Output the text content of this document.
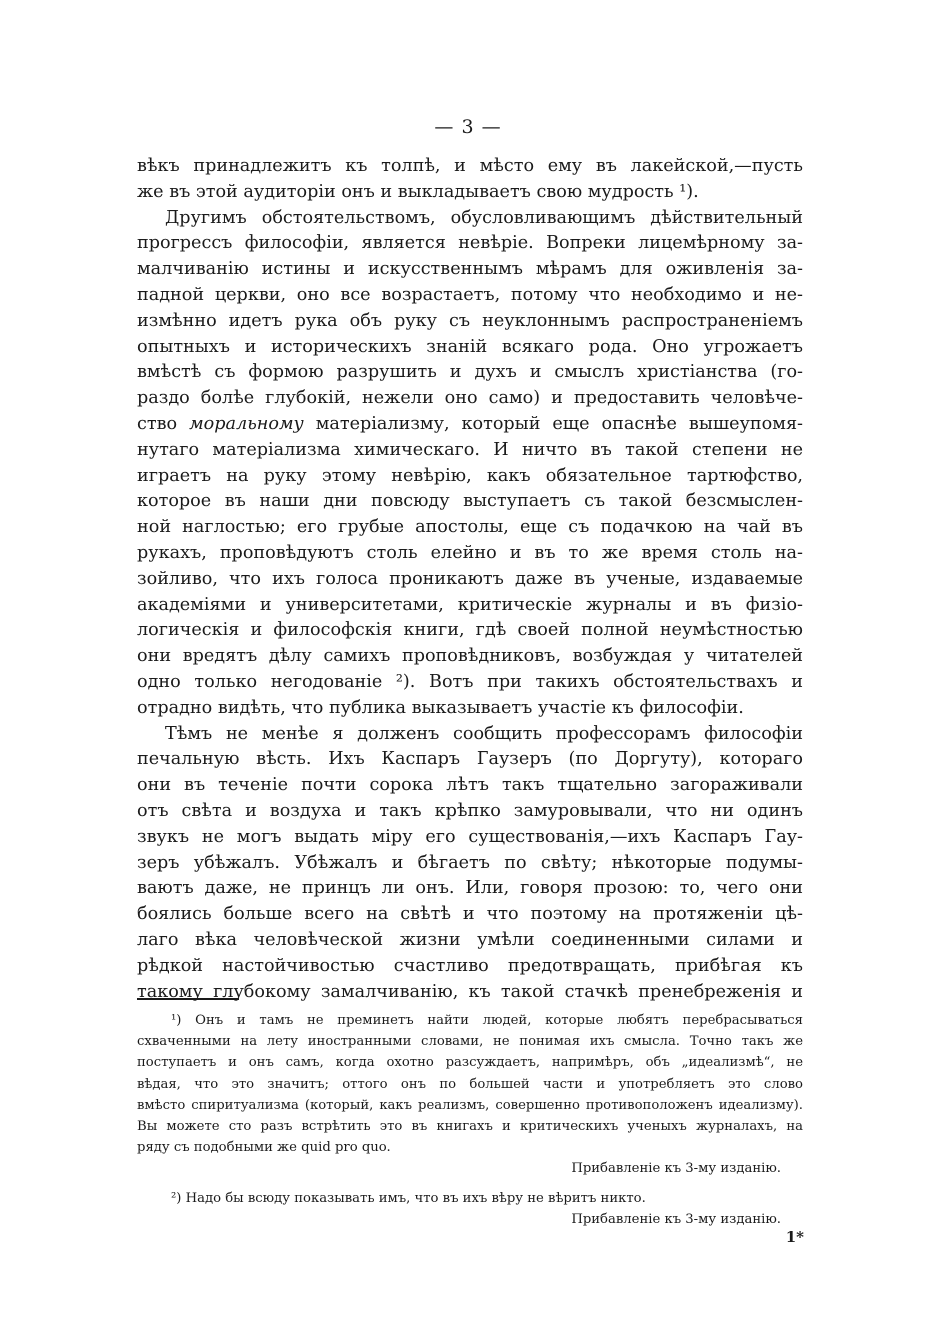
— 3 —
вѣкъ принадлежитъ къ толпѣ, и мѣсто ему въ лакейской,—пусть
же въ этой аудиторіи онъ и выкладываетъ свою мудрость ¹).
Другимъ обстоятельствомъ, обусловливающимъ дѣйствительный
прогрессъ философіи, является невѣріе. Вопреки лицемѣрному за-
малчиванію истины и искусственнымъ мѣрамъ для оживленія за-
падной церкви, оно все возрастаетъ, потому что необходимо и не-
измѣнно идетъ рука объ руку съ неуклоннымъ распространеніемъ
опытныхъ и историческихъ знаній всякаго рода. Оно угрожаетъ
вмѣстѣ съ формою разрушить и духъ и смыслъ христіанства (го-
раздо болѣе глубокій, нежели оно само) и предоставить человѣче-
ство моральному матеріализму, который еще опаснѣе вышеупомя-
нутаго матеріализма химическаго. И ничто въ такой степени не
играетъ на руку этому невѣрію, какъ обязательное тартюфство,
которое въ наши дни повсюду выступаетъ съ такой безсмыслен-
ной наглостью; его грубые апостолы, еще съ подачкою на чай въ
рукахъ, проповѣдуютъ столь елейно и въ то же время столь на-
зойливо, что ихъ голоса проникаютъ даже въ ученые, издаваемые
академіями и университетами, критическіе журналы и въ физіо-
логическія и философскія книги, гдѣ своей полной неумѣстностью
они вредятъ дѣлу самихъ проповѣдниковъ, возбуждая у читателей
одно только негодованіе ²). Вотъ при такихъ обстоятельствахъ и
отрадно видѣть, что публика выказываетъ участіе къ философіи.
Тѣмъ не менѣе я долженъ сообщить профессорамъ философіи
печальную вѣсть. Ихъ Каспаръ Гаузеръ (по Доргуту), котораго
они въ теченіе почти сорока лѣтъ такъ тщательно загораживали
отъ свѣта и воздуха и такъ крѣпко замуровывали, что ни одинъ
звукъ не могъ выдать міру его существованія,—ихъ Каспаръ Гау-
зеръ убѣжалъ. Убѣжалъ и бѣгаетъ по свѣту; нѣкоторые подумы-
ваютъ даже, не принцъ ли онъ. Или, говоря прозою: то, чего они
боялись больше всего на свѣтѣ и что поэтому на протяженіи цѣ-
лаго вѣка человѣческой жизни умѣли соединенными силами и
рѣдкой настойчивостью счастливо предотвращать, прибѣгая къ
такому глубокому замалчиванію, къ такой стачкѣ пренебреженія и
¹) Онъ и тамъ не преминетъ найти людей, которые любятъ перебрасываться
схваченными на лету иностранными словами, не понимая ихъ смысла. Точно такъ же
поступаетъ и онъ самъ, когда охотно разсуждаетъ, напримѣръ, объ „идеализмѣ“, не
вѣдая, что это значитъ; оттого онъ по большей части и употребляетъ это слово
вмѣсто спиритуализма (который, какъ реализмъ, совершенно противоположенъ идеализму).
Вы можете сто разъ встрѣтить это въ книгахъ и критическихъ ученыхъ журналахъ, на
ряду съ подобными же quid pro quo.
Прибавленіе къ 3-му изданію.
²) Надо бы всюду показывать имъ, что въ ихъ вѣру не вѣритъ никто.
Прибавленіе къ 3-му изданію.
1*
